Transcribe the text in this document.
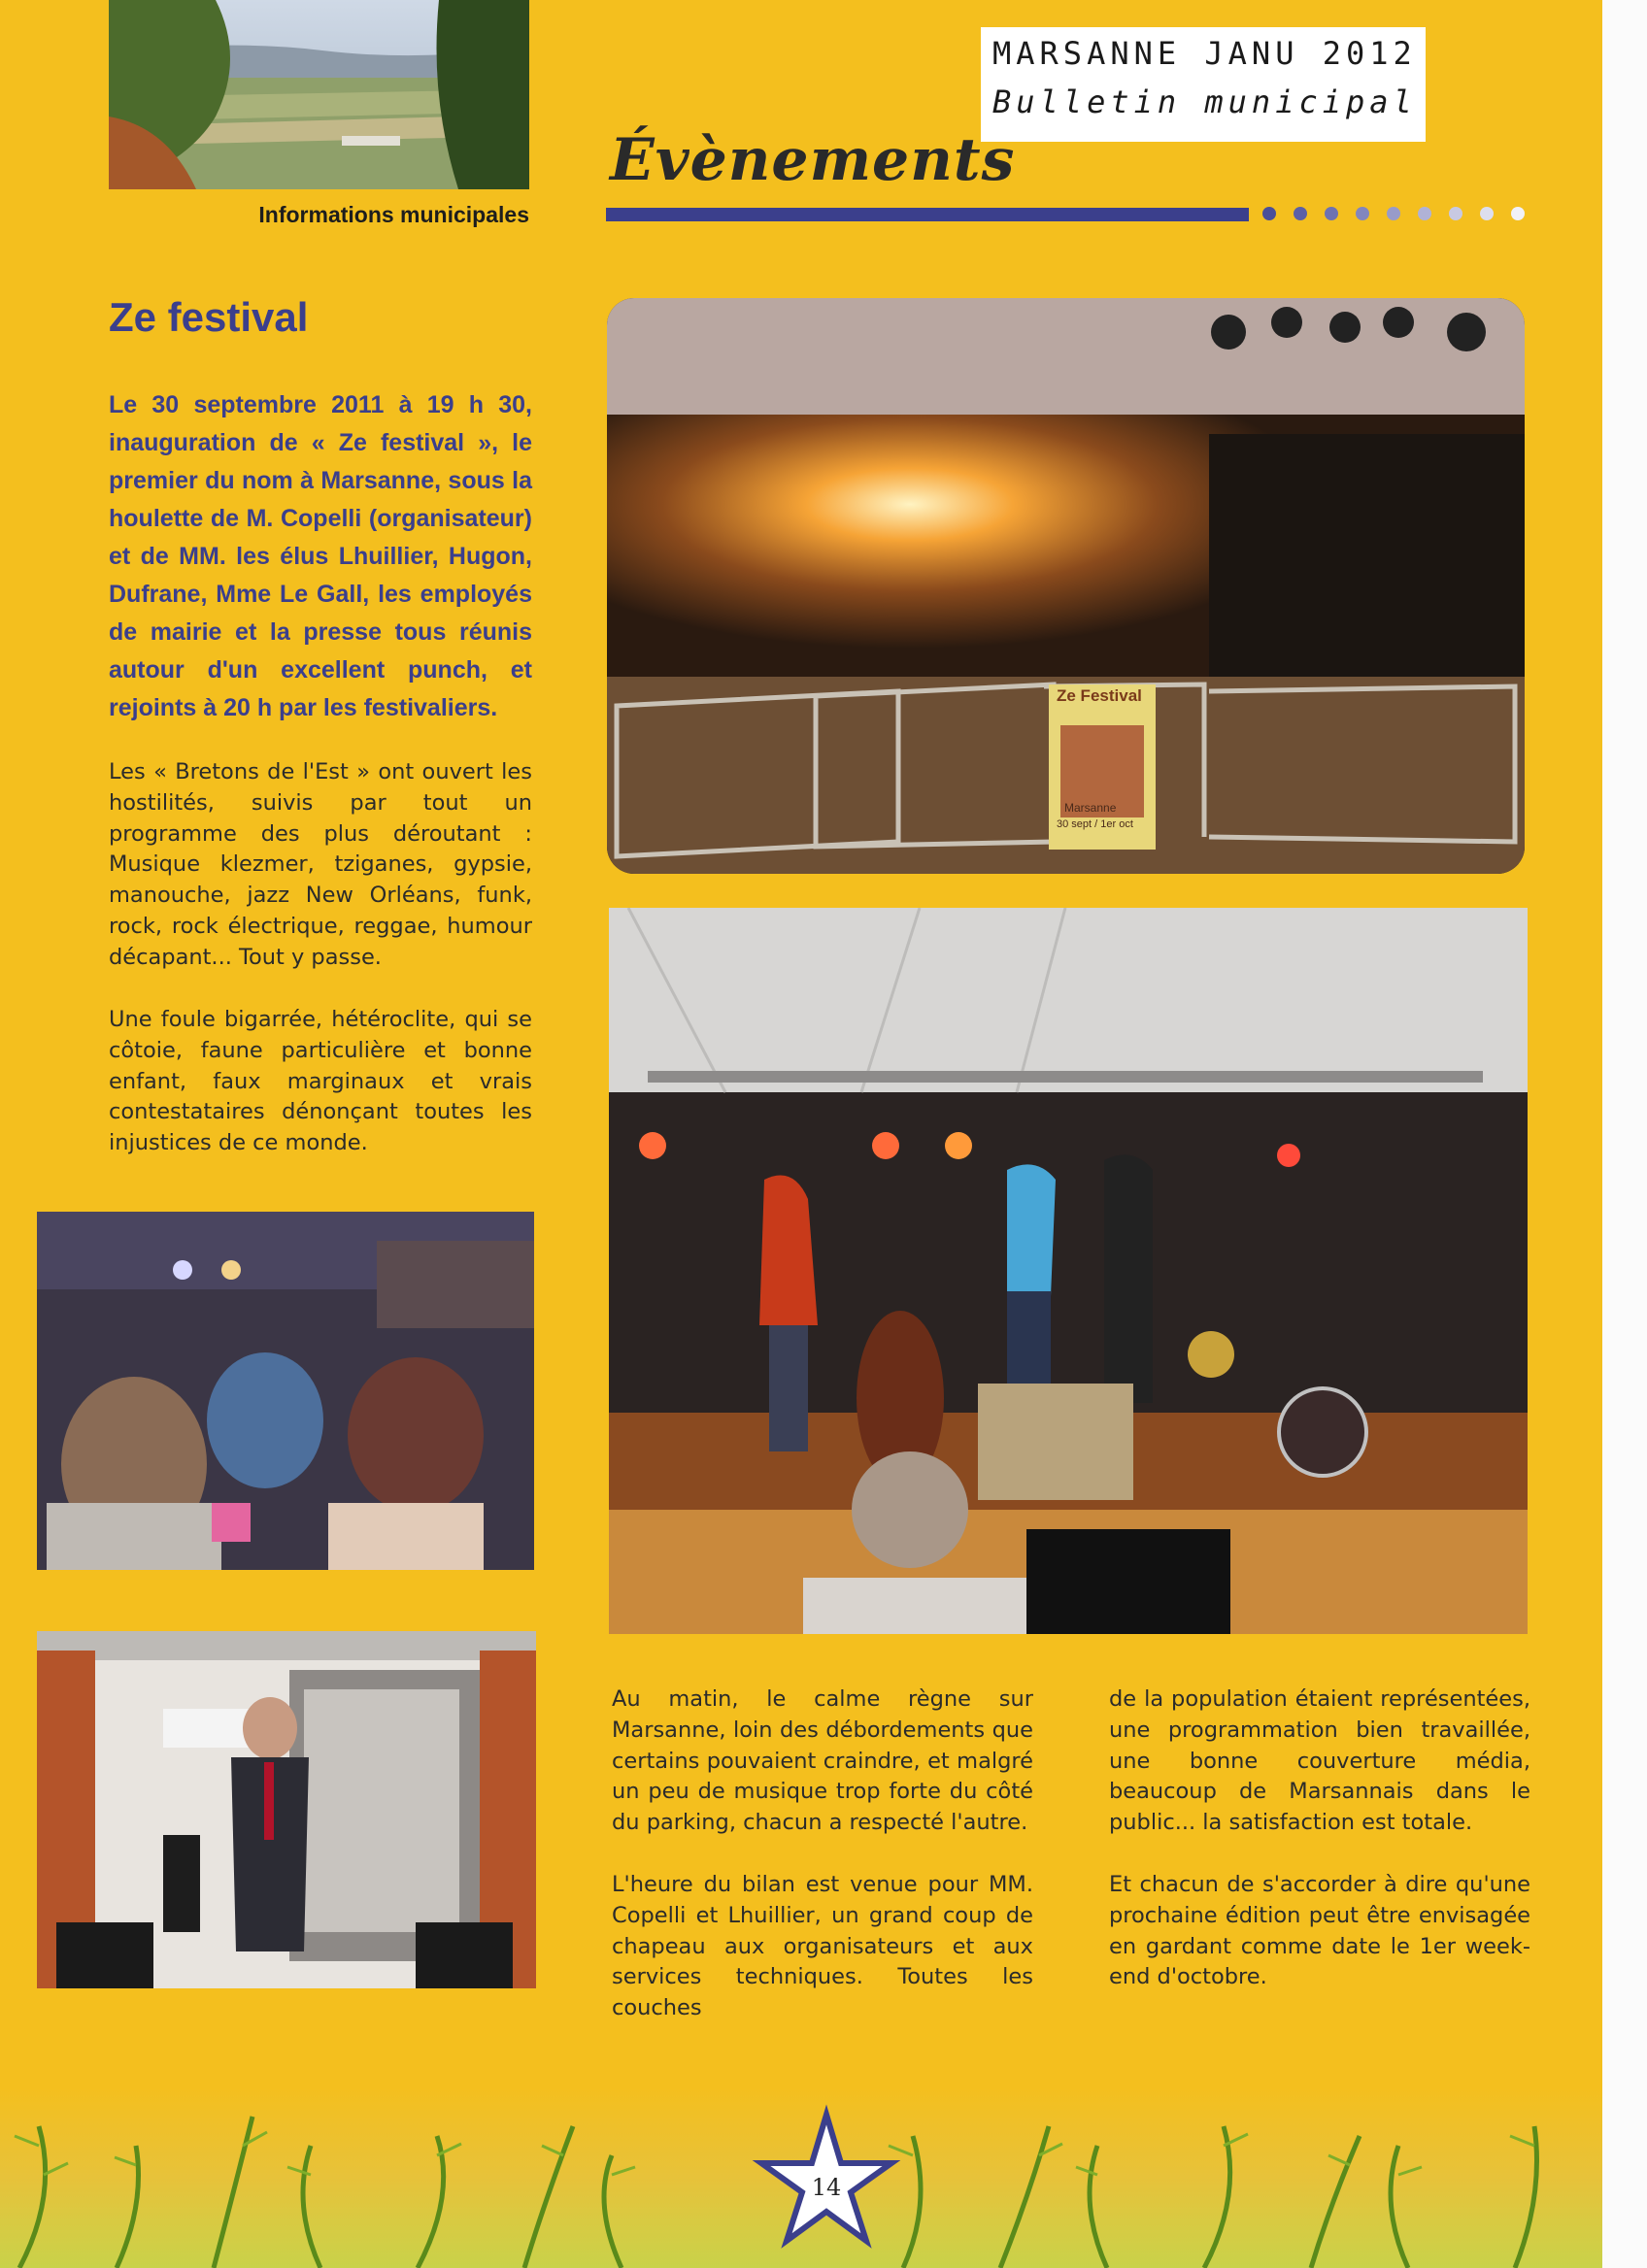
Informations municipales
MARSANNE JANU 2012
Bulletin municipal
Évènements
Ze festival
Le 30 septembre 2011 à 19 h 30, inauguration de « Ze festival », le premier du nom à Marsanne, sous la houlette de M. Copelli (organisateur) et de MM. les élus Lhuillier, Hugon, Dufrane, Mme Le Gall, les employés de mairie et la presse tous réunis autour d'un excellent punch, et rejoints à 20 h par les festivaliers.
Les « Bretons de l'Est » ont ouvert les hostilités, suivis par tout un programme des plus déroutant : Musique klezmer, tziganes, gypsie, manouche, jazz New Orléans, funk, rock, rock électrique, reggae, humour décapant... Tout y passe.
Une foule bigarrée, hétéroclite, qui se côtoie, faune particulière et bonne enfant, faux marginaux et vrais contestataires dénonçant toutes les injustices de ce monde.
Ze Festival
Marsanne
30 sept / 1er oct
Au matin, le calme règne sur Marsanne, loin des débordements que certains pouvaient craindre, et malgré un peu de musique trop forte du côté du parking, chacun a respecté l'autre.
L'heure du bilan est venue pour MM. Copelli et Lhuillier, un grand coup de chapeau aux organisateurs et aux services techniques. Toutes les couches
de la population étaient représentées, une programmation bien travaillée, une bonne couverture média, beaucoup de Marsannais dans le public... la satisfaction est totale.
Et chacun de s'accorder à dire qu'une prochaine édition peut être envisagée en gardant comme date le 1er week-end d'octobre.
14
